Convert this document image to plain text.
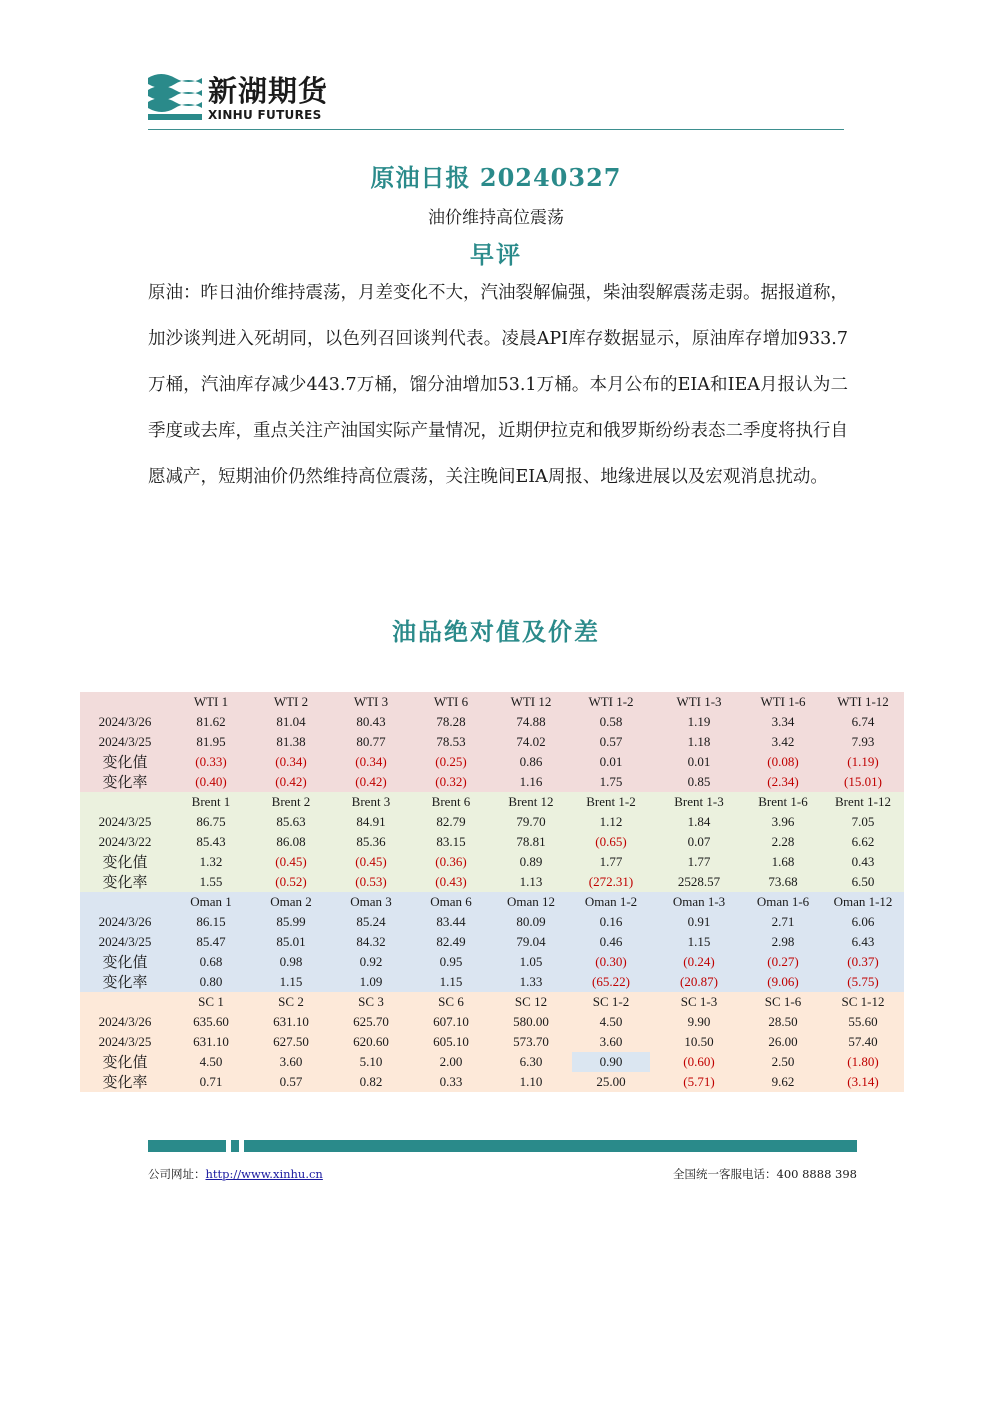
新湖期货
XINHU FUTURES
原油日报 20240327
油价维持高位震荡
早评

原油：昨日油价维持震荡，月差变化不大，汽油裂解偏强，柴油裂解震荡走弱。据报道称，加沙谈判进入死胡同，以色列召回谈判代表。凌晨API库存数据显示，原油库存增加933.7万桶，汽油库存减少443.7万桶，馏分油增加53.1万桶。本月公布的EIA和IEA月报认为二季度或去库，重点关注产油国实际产量情况，近期伊拉克和俄罗斯纷纷表态二季度将执行自愿减产，短期油价仍然维持高位震荡，关注晚间EIA周报、地缘进展以及宏观消息扰动。

油品绝对值及价差
WTI 1	WTI 2	WTI 3	WTI 6	WTI 12	WTI 1-2	WTI 1-3	WTI 1-6	WTI 1-12
2024/3/26	81.62	81.04	80.43	78.28	74.88	0.58	1.19	3.34	6.74
2024/3/25	81.95	81.38	80.77	78.53	74.02	0.57	1.18	3.42	7.93
变化值	(0.33)	(0.34)	(0.34)	(0.25)	0.86	0.01	0.01	(0.08)	(1.19)
变化率	(0.40)	(0.42)	(0.42)	(0.32)	1.16	1.75	0.85	(2.34)	(15.01)
Brent 1	Brent 2	Brent 3	Brent 6	Brent 12	Brent 1-2	Brent 1-3	Brent 1-6	Brent 1-12
2024/3/25	86.75	85.63	84.91	82.79	79.70	1.12	1.84	3.96	7.05
2024/3/22	85.43	86.08	85.36	83.15	78.81	(0.65)	0.07	2.28	6.62
变化值	1.32	(0.45)	(0.45)	(0.36)	0.89	1.77	1.77	1.68	0.43
变化率	1.55	(0.52)	(0.53)	(0.43)	1.13	(272.31)	2528.57	73.68	6.50
Oman 1	Oman 2	Oman 3	Oman 6	Oman 12	Oman 1-2	Oman 1-3	Oman 1-6	Oman 1-12
2024/3/26	86.15	85.99	85.24	83.44	80.09	0.16	0.91	2.71	6.06
2024/3/25	85.47	85.01	84.32	82.49	79.04	0.46	1.15	2.98	6.43
变化值	0.68	0.98	0.92	0.95	1.05	(0.30)	(0.24)	(0.27)	(0.37)
变化率	0.80	1.15	1.09	1.15	1.33	(65.22)	(20.87)	(9.06)	(5.75)
SC 1	SC 2	SC 3	SC 6	SC 12	SC 1-2	SC 1-3	SC 1-6	SC 1-12
2024/3/26	635.60	631.10	625.70	607.10	580.00	4.50	9.90	28.50	55.60
2024/3/25	631.10	627.50	620.60	605.10	573.70	3.60	10.50	26.00	57.40
变化值	4.50	3.60	5.10	2.00	6.30	0.90	(0.60)	2.50	(1.80)
变化率	0.71	0.57	0.82	0.33	1.10	25.00	(5.71)	9.62	(3.14)
公司网址：http://www.xinhu.cn	全国统一客服电话：400 8888 398
